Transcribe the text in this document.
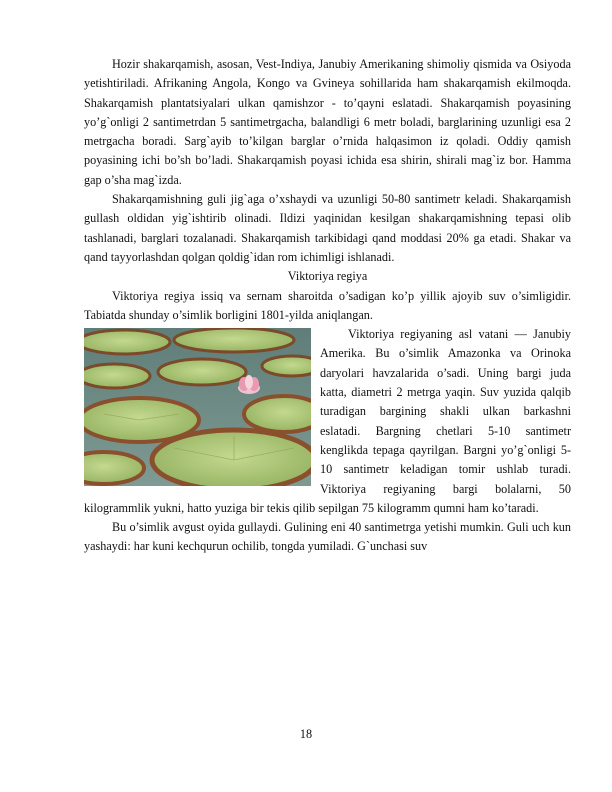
Hozir shakarqamish, asosan, Vest-Indiya, Janubiy Amerikaning shimoliy qismida va Osiyoda yetishtiriladi. Afrikaning Angola, Kongo va Gvineya sohillarida ham shakarqamish ekilmoqda. Shakarqamish plantatsiyalari ulkan qamishzor - to’qayni eslatadi. Shakarqamish poyasining yo’g`onligi 2 santimetrdan 5 santimetrgacha, balandligi 6 metr boladi, barglarining uzunligi esa 2 metrgacha boradi. Sarg`ayib to’kilgan barglar o’rnida halqasimon iz qoladi. Oddiy qamish poyasining ichi bo’sh bo’ladi. Shakarqamish poyasi ichida esa shirin, shirali mag`iz bor. Hamma gap o’sha mag`izda.

Shakarqamishning guli jig`aga o’xshaydi va uzunligi 50-80 santimetr keladi. Shakarqamish gullash oldidan yig`ishtirib olinadi. Ildizi yaqinidan kesilgan shakarqamishning tepasi olib tashlanadi, barglari tozalanadi. Shakarqamish tarkibidagi qand moddasi 20% ga etadi. Shakar va qand tayyorlashdan qolgan qoldig`idan rom ichimligi ishlanadi.

Viktoriya regiya

Viktoriya regiya issiq va sernam sharoitda o’sadigan ko’p yillik ajoyib suv o’simligidir. Tabiatda shunday o’simlik borligini 1801-yilda aniqlangan.

Viktoriya regiyaning asl vatani — Janubiy Amerika. Bu o’simlik Amazonka va Orinoka daryolari havzalarida o’sadi. Uning bargi juda katta, diametri 2 metrga yaqin. Suv yuzida qalqib turadigan bargining shakli ulkan barkashni eslatadi. Bargning chetlari 5-10 santimetr kenglikda tepaga qayrilgan. Bargni yo’g`onligi 5-10 santimetr keladigan tomir ushlab turadi. Viktoriya regiyaning bargi bolalarni, 50 kilogrammlik yukni, hatto yuziga bir tekis qilib sepilgan 75 kilogramm qumni ham ko’taradi.

Bu o’simlik avgust oyida gullaydi. Gulining eni 40 santimetrga yetishi mumkin. Guli uch kun yashaydi: har kuni kechqurun ochilib, tongda yumiladi. G`unchasi suv

18
